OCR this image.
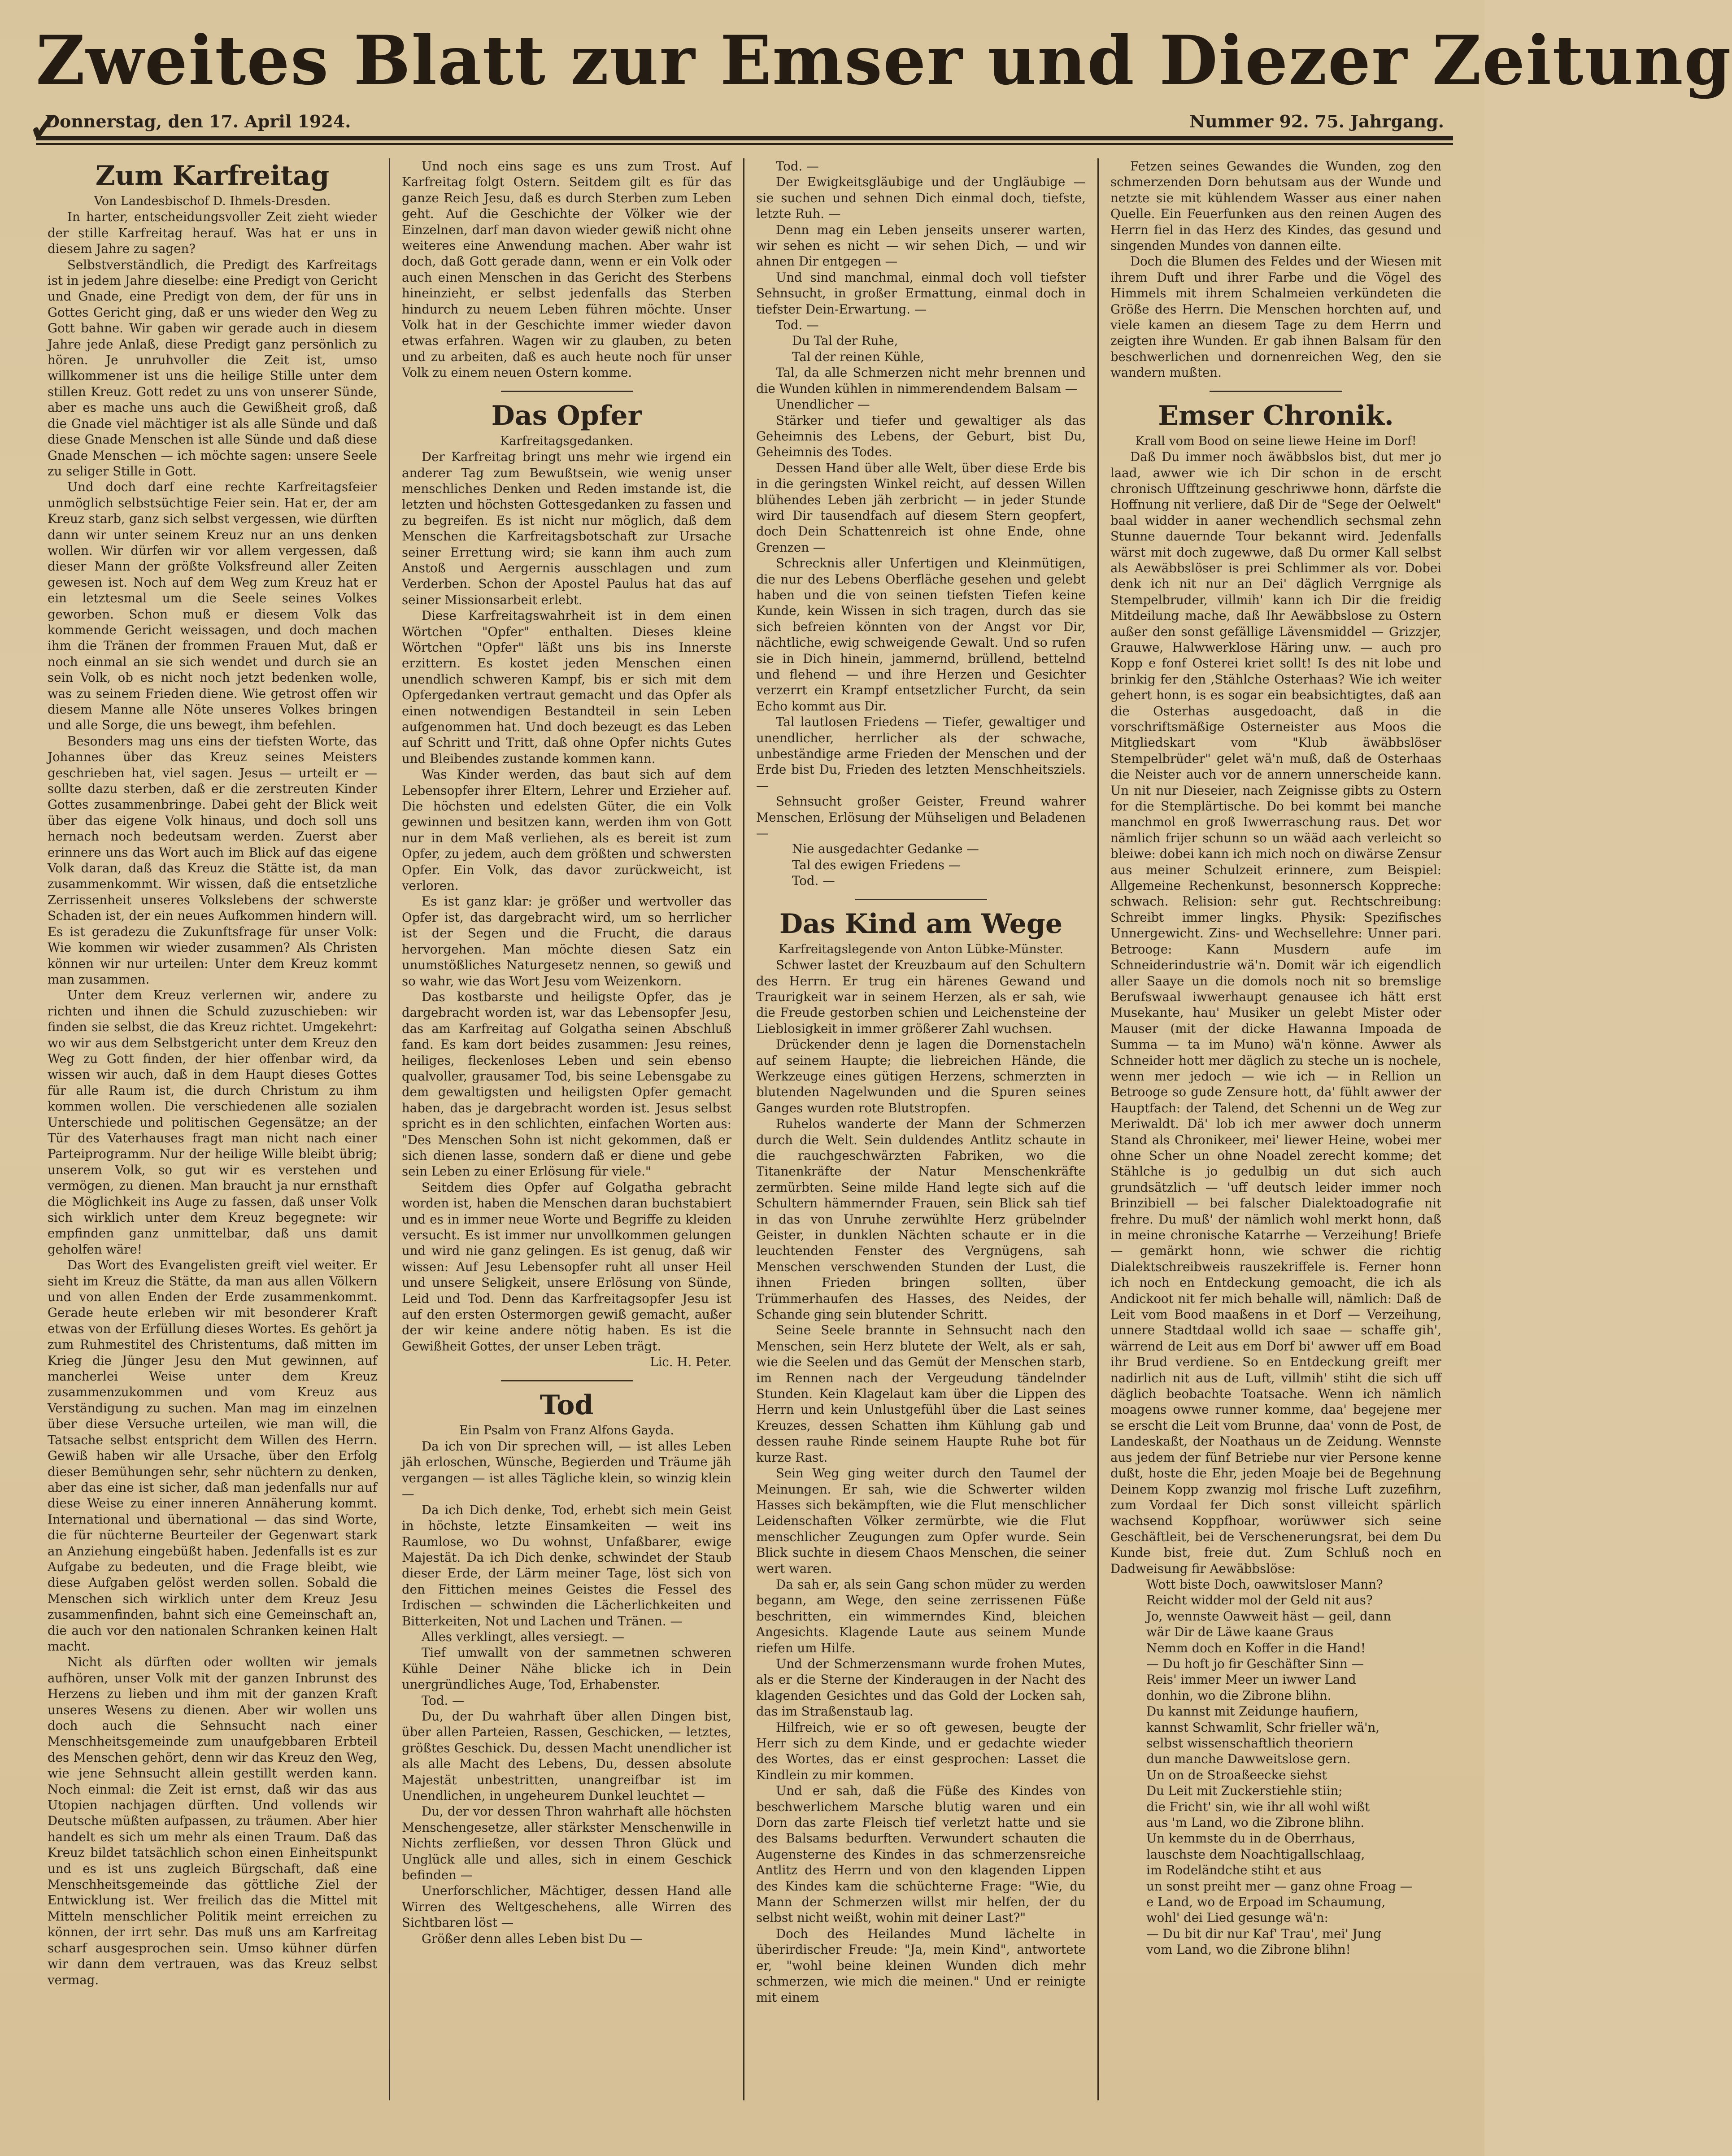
✓
Zweites Blatt zur Emser und Diezer Zeitung
Donnerstag, den 17. April 1924.	Nummer 92. 75. Jahrgang.

Zum Karfreitag

Von Landesbischof D. Ihmels-Dresden.

In harter, entscheidungsvoller Zeit zieht wieder der stille Karfreitag herauf. Was hat er uns in diesem Jahre zu sagen?

Selbstverständlich, die Predigt des Karfreitags ist in jedem Jahre dieselbe: eine Predigt von Gericht und Gnade, eine Predigt von dem, der für uns in Gottes Gericht ging, daß er uns wieder den Weg zu Gott bahne. Wir gaben wir gerade auch in diesem Jahre jede Anlaß, diese Predigt ganz persönlich zu hören. Je unruhvoller die Zeit ist, umso willkommener ist uns die heilige Stille unter dem stillen Kreuz. Gott redet zu uns von unserer Sünde, aber es mache uns auch die Gewißheit groß, daß die Gnade viel mächtiger ist als alle Sünde und daß diese Gnade Menschen ist alle Sünde und daß diese Gnade Menschen — ich möchte sagen: unsere Seele zu seliger Stille in Gott.

Und doch darf eine rechte Karfreitagsfeier unmöglich selbstsüchtige Feier sein. Hat er, der am Kreuz starb, ganz sich selbst vergessen, wie dürften dann wir unter seinem Kreuz nur an uns denken wollen. Wir dürfen wir vor allem vergessen, daß dieser Mann der größte Volksfreund aller Zeiten gewesen ist. Noch auf dem Weg zum Kreuz hat er ein letztesmal um die Seele seines Volkes geworben. Schon muß er diesem Volk das kommende Gericht weissagen, und doch machen ihm die Tränen der frommen Frauen Mut, daß er noch einmal an sie sich wendet und durch sie an sein Volk, ob es nicht noch jetzt bedenken wolle, was zu seinem Frieden diene. Wie getrost offen wir diesem Manne alle Nöte unseres Volkes bringen und alle Sorge, die uns bewegt, ihm befehlen.

Besonders mag uns eins der tiefsten Worte, das Johannes über das Kreuz seines Meisters geschrieben hat, viel sagen. Jesus — urteilt er — sollte dazu sterben, daß er die zerstreuten Kinder Gottes zusammenbringe. Dabei geht der Blick weit über das eigene Volk hinaus, und doch soll uns hernach noch bedeutsam werden. Zuerst aber erinnere uns das Wort auch im Blick auf das eigene Volk daran, daß das Kreuz die Stätte ist, da man zusammenkommt. Wir wissen, daß die entsetzliche Zerrissenheit unseres Volkslebens der schwerste Schaden ist, der ein neues Aufkommen hindern will. Es ist geradezu die Zukunftsfrage für unser Volk: Wie kommen wir wieder zusammen? Als Christen können wir nur urteilen: Unter dem Kreuz kommt man zusammen.

Unter dem Kreuz verlernen wir, andere zu richten und ihnen die Schuld zuzuschieben: wir finden sie selbst, die das Kreuz richtet. Umgekehrt: wo wir aus dem Selbstgericht unter dem Kreuz den Weg zu Gott finden, der hier offenbar wird, da wissen wir auch, daß in dem Haupt dieses Gottes für alle Raum ist, die durch Christum zu ihm kommen wollen. Die verschiedenen alle sozialen Unterschiede und politischen Gegensätze; an der Tür des Vaterhauses fragt man nicht nach einer Parteiprogramm. Nur der heilige Wille bleibt übrig; unserem Volk, so gut wir es verstehen und vermögen, zu dienen. Man braucht ja nur ernsthaft die Möglichkeit ins Auge zu fassen, daß unser Volk sich wirklich unter dem Kreuz begegnete: wir empfinden ganz unmittelbar, daß uns damit geholfen wäre!

Das Wort des Evangelisten greift viel weiter. Er sieht im Kreuz die Stätte, da man aus allen Völkern und von allen Enden der Erde zusammenkommt. Gerade heute erleben wir mit besonderer Kraft etwas von der Erfüllung dieses Wortes. Es gehört ja zum Ruhmestitel des Christentums, daß mitten im Krieg die Jünger Jesu den Mut gewinnen, auf mancherlei Weise unter dem Kreuz zusammenzukommen und vom Kreuz aus Verständigung zu suchen. Man mag im einzelnen über diese Versuche urteilen, wie man will, die Tatsache selbst entspricht dem Willen des Herrn. Gewiß haben wir alle Ursache, über den Erfolg dieser Bemühungen sehr, sehr nüchtern zu denken, aber das eine ist sicher, daß man jedenfalls nur auf diese Weise zu einer inneren Annäherung kommt. International und übernational — das sind Worte, die für nüchterne Beurteiler der Gegenwart stark an Anziehung eingebüßt haben. Jedenfalls ist es zur Aufgabe zu bedeuten, und die Frage bleibt, wie diese Aufgaben gelöst werden sollen. Sobald die Menschen sich wirklich unter dem Kreuz Jesu zusammenfinden, bahnt sich eine Gemeinschaft an, die auch vor den nationalen Schranken keinen Halt macht.

Nicht als dürften oder wollten wir jemals aufhören, unser Volk mit der ganzen Inbrunst des Herzens zu lieben und ihm mit der ganzen Kraft unseres Wesens zu dienen. Aber wir wollen uns doch auch die Sehnsucht nach einer Menschheitsgemeinde zum unaufgebbaren Erbteil des Menschen gehört, denn wir das Kreuz den Weg, wie jene Sehnsucht allein gestillt werden kann. Noch einmal: die Zeit ist ernst, daß wir das aus Utopien nachjagen dürften. Und vollends wir Deutsche müßten aufpassen, zu träumen. Aber hier handelt es sich um mehr als einen Traum. Daß das Kreuz bildet tatsächlich schon einen Einheitspunkt und es ist uns zugleich Bürgschaft, daß eine Menschheitsgemeinde das göttliche Ziel der Entwicklung ist. Wer freilich das die Mittel mit Mitteln menschlicher Politik meint erreichen zu können, der irrt sehr. Das muß uns am Karfreitag scharf ausgesprochen sein. Umso kühner dürfen wir dann dem vertrauen, was das Kreuz selbst vermag.

Und noch eins sage es uns zum Trost. Auf Karfreitag folgt Ostern. Seitdem gilt es für das ganze Reich Jesu, daß es durch Sterben zum Leben geht. Auf die Geschichte der Völker wie der Einzelnen, darf man davon wieder gewiß nicht ohne weiteres eine Anwendung machen. Aber wahr ist doch, daß Gott gerade dann, wenn er ein Volk oder auch einen Menschen in das Gericht des Sterbens hineinzieht, er selbst jedenfalls das Sterben hindurch zu neuem Leben führen möchte. Unser Volk hat in der Geschichte immer wieder davon etwas erfahren. Wagen wir zu glauben, zu beten und zu arbeiten, daß es auch heute noch für unser Volk zu einem neuen Ostern komme.

Das Opfer

Karfreitagsgedanken.

Der Karfreitag bringt uns mehr wie irgend ein anderer Tag zum Bewußtsein, wie wenig unser menschliches Denken und Reden imstande ist, die letzten und höchsten Gottesgedanken zu fassen und zu begreifen. Es ist nicht nur möglich, daß dem Menschen die Karfreitagsbotschaft zur Ursache seiner Errettung wird; sie kann ihm auch zum Anstoß und Aergernis ausschlagen und zum Verderben. Schon der Apostel Paulus hat das auf seiner Missionsarbeit erlebt.

Diese Karfreitagswahrheit ist in dem einen Wörtchen "Opfer" enthalten. Dieses kleine Wörtchen "Opfer" läßt uns bis ins Innerste erzittern. Es kostet jeden Menschen einen unendlich schweren Kampf, bis er sich mit dem Opfergedanken vertraut gemacht und das Opfer als einen notwendigen Bestandteil in sein Leben aufgenommen hat. Und doch bezeugt es das Leben auf Schritt und Tritt, daß ohne Opfer nichts Gutes und Bleibendes zustande kommen kann.

Was Kinder werden, das baut sich auf dem Lebensopfer ihrer Eltern, Lehrer und Erzieher auf. Die höchsten und edelsten Güter, die ein Volk gewinnen und besitzen kann, werden ihm von Gott nur in dem Maß verliehen, als es bereit ist zum Opfer, zu jedem, auch dem größten und schwersten Opfer. Ein Volk, das davor zurückweicht, ist verloren.

Es ist ganz klar: je größer und wertvoller das Opfer ist, das dargebracht wird, um so herrlicher ist der Segen und die Frucht, die daraus hervorgehen. Man möchte diesen Satz ein unumstößliches Naturgesetz nennen, so gewiß und so wahr, wie das Wort Jesu vom Weizenkorn.

Das kostbarste und heiligste Opfer, das je dargebracht worden ist, war das Lebensopfer Jesu, das am Karfreitag auf Golgatha seinen Abschluß fand. Es kam dort beides zusammen: Jesu reines, heiliges, fleckenloses Leben und sein ebenso qualvoller, grausamer Tod, bis seine Lebensgabe zu dem gewaltigsten und heiligsten Opfer gemacht haben, das je dargebracht worden ist. Jesus selbst spricht es in den schlichten, einfachen Worten aus: "Des Menschen Sohn ist nicht gekommen, daß er sich dienen lasse, sondern daß er diene und gebe sein Leben zu einer Erlösung für viele."

Seitdem dies Opfer auf Golgatha gebracht worden ist, haben die Menschen daran buchstabiert und es in immer neue Worte und Begriffe zu kleiden versucht. Es ist immer nur unvollkommen gelungen und wird nie ganz gelingen. Es ist genug, daß wir wissen: Auf Jesu Lebensopfer ruht all unser Heil und unsere Seligkeit, unsere Erlösung von Sünde, Leid und Tod. Denn das Karfreitagsopfer Jesu ist auf den ersten Ostermorgen gewiß gemacht, außer der wir keine andere nötig haben. Es ist die Gewißheit Gottes, der unser Leben trägt.

Lic. H. Peter.

Tod

Ein Psalm von Franz Alfons Gayda.

Da ich von Dir sprechen will, — ist alles Leben jäh erloschen, Wünsche, Begierden und Träume jäh vergangen — ist alles Tägliche klein, so winzig klein —

Da ich Dich denke, Tod, erhebt sich mein Geist in höchste, letzte Einsamkeiten — weit ins Raumlose, wo Du wohnst, Unfaßbarer, ewige Majestät. Da ich Dich denke, schwindet der Staub dieser Erde, der Lärm meiner Tage, löst sich von den Fittichen meines Geistes die Fessel des Irdischen — schwinden die Lächerlichkeiten und Bitterkeiten, Not und Lachen und Tränen. —

Alles verklingt, alles versiegt. —

Tief umwallt von der sammetnen schweren Kühle Deiner Nähe blicke ich in Dein unergründliches Auge, Tod, Erhabenster.

Tod. —

Du, der Du wahrhaft über allen Dingen bist, über allen Parteien, Rassen, Geschicken, — letztes, größtes Geschick. Du, dessen Macht unendlicher ist als alle Macht des Lebens, Du, dessen absolute Majestät unbestritten, unangreifbar ist im Unendlichen, in ungeheurem Dunkel leuchtet —

Du, der vor dessen Thron wahrhaft alle höchsten Menschengesetze, aller stärkster Menschenwille in Nichts zerfließen, vor dessen Thron Glück und Unglück alle und alles, sich in einem Geschick befinden —

Unerforschlicher, Mächtiger, dessen Hand alle Wirren des Weltgeschehens, alle Wirren des Sichtbaren löst —

Größer denn alles Leben bist Du —

Tod. —

Der Ewigkeitsgläubige und der Ungläubige — sie suchen und sehnen Dich einmal doch, tiefste, letzte Ruh. —

Denn mag ein Leben jenseits unserer warten, wir sehen es nicht — wir sehen Dich, — und wir ahnen Dir entgegen —

Und sind manchmal, einmal doch voll tiefster Sehnsucht, in großer Ermattung, einmal doch in tiefster Dein-Erwartung. —

Tod. —

Du Tal der Ruhe,

Tal der reinen Kühle,

Tal, da alle Schmerzen nicht mehr brennen und die Wunden kühlen in nimmerendendem Balsam —

Unendlicher —

Stärker und tiefer und gewaltiger als das Geheimnis des Lebens, der Geburt, bist Du, Geheimnis des Todes.

Dessen Hand über alle Welt, über diese Erde bis in die geringsten Winkel reicht, auf dessen Willen blühendes Leben jäh zerbricht — in jeder Stunde wird Dir tausendfach auf diesem Stern geopfert, doch Dein Schattenreich ist ohne Ende, ohne Grenzen —

Schrecknis aller Unfertigen und Kleinmütigen, die nur des Lebens Oberfläche gesehen und gelebt haben und die von seinen tiefsten Tiefen keine Kunde, kein Wissen in sich tragen, durch das sie sich befreien könnten von der Angst vor Dir, nächtliche, ewig schweigende Gewalt. Und so rufen sie in Dich hinein, jammernd, brüllend, bettelnd und flehend — und ihre Herzen und Gesichter verzerrt ein Krampf entsetzlicher Furcht, da sein Echo kommt aus Dir.

Tal lautlosen Friedens — Tiefer, gewaltiger und unendlicher, herrlicher als der schwache, unbeständige arme Frieden der Menschen und der Erde bist Du, Frieden des letzten Menschheitsziels. —

Sehnsucht großer Geister, Freund wahrer Menschen, Erlösung der Mühseligen und Beladenen —

Nie ausgedachter Gedanke —

Tal des ewigen Friedens —

Tod. —

Das Kind am Wege

Karfreitagslegende von Anton Lübke-Münster.

Schwer lastet der Kreuzbaum auf den Schultern des Herrn. Er trug ein härenes Gewand und Traurigkeit war in seinem Herzen, als er sah, wie die Freude gestorben schien und Leichensteine der Lieblosigkeit in immer größerer Zahl wuchsen.

Drückender denn je lagen die Dornenstacheln auf seinem Haupte; die liebreichen Hände, die Werkzeuge eines gütigen Herzens, schmerzten in blutenden Nagelwunden und die Spuren seines Ganges wurden rote Blutstropfen.

Ruhelos wanderte der Mann der Schmerzen durch die Welt. Sein duldendes Antlitz schaute in die rauchgeschwärzten Fabriken, wo die Titanenkräfte der Natur Menschenkräfte zermürbten. Seine milde Hand legte sich auf die Schultern hämmernder Frauen, sein Blick sah tief in das von Unruhe zerwühlte Herz grübelnder Geister, in dunklen Nächten schaute er in die leuchtenden Fenster des Vergnügens, sah Menschen verschwenden Stunden der Lust, die ihnen Frieden bringen sollten, über Trümmerhaufen des Hasses, des Neides, der Schande ging sein blutender Schritt.

Seine Seele brannte in Sehnsucht nach den Menschen, sein Herz blutete der Welt, als er sah, wie die Seelen und das Gemüt der Menschen starb, im Rennen nach der Vergeudung tändelnder Stunden. Kein Klagelaut kam über die Lippen des Herrn und kein Unlustgefühl über die Last seines Kreuzes, dessen Schatten ihm Kühlung gab und dessen rauhe Rinde seinem Haupte Ruhe bot für kurze Rast.

Sein Weg ging weiter durch den Taumel der Meinungen. Er sah, wie die Schwerter wilden Hasses sich bekämpften, wie die Flut menschlicher Leidenschaften Völker zermürbte, wie die Flut menschlicher Zeugungen zum Opfer wurde. Sein Blick suchte in diesem Chaos Menschen, die seiner wert waren.

Da sah er, als sein Gang schon müder zu werden begann, am Wege, den seine zerrissenen Füße beschritten, ein wimmerndes Kind, bleichen Angesichts. Klagende Laute aus seinem Munde riefen um Hilfe.

Und der Schmerzensmann wurde frohen Mutes, als er die Sterne der Kinderaugen in der Nacht des klagenden Gesichtes und das Gold der Locken sah, das im Straßenstaub lag.

Hilfreich, wie er so oft gewesen, beugte der Herr sich zu dem Kinde, und er gedachte wieder des Wortes, das er einst gesprochen: Lasset die Kindlein zu mir kommen.

Und er sah, daß die Füße des Kindes von beschwerlichem Marsche blutig waren und ein Dorn das zarte Fleisch tief verletzt hatte und sie des Balsams bedurften. Verwundert schauten die Augensterne des Kindes in das schmerzensreiche Antlitz des Herrn und von den klagenden Lippen des Kindes kam die schüchterne Frage: "Wie, du Mann der Schmerzen willst mir helfen, der du selbst nicht weißt, wohin mit deiner Last?"

Doch des Heilandes Mund lächelte in überirdischer Freude: "Ja, mein Kind", antwortete er, "wohl beine kleinen Wunden dich mehr schmerzen, wie mich die meinen." Und er reinigte mit einem

Fetzen seines Gewandes die Wunden, zog den schmerzenden Dorn behutsam aus der Wunde und netzte sie mit kühlendem Wasser aus einer nahen Quelle. Ein Feuerfunken aus den reinen Augen des Herrn fiel in das Herz des Kindes, das gesund und singenden Mundes von dannen eilte.

Doch die Blumen des Feldes und der Wiesen mit ihrem Duft und ihrer Farbe und die Vögel des Himmels mit ihrem Schalmeien verkündeten die Größe des Herrn. Die Menschen horchten auf, und viele kamen an diesem Tage zu dem Herrn und zeigten ihre Wunden. Er gab ihnen Balsam für den beschwerlichen und dornenreichen Weg, den sie wandern mußten.

Emser Chronik.

Krall vom Bood on seine liewe Heine im Dorf!

Daß Du immer noch äwäbbslos bist, dut mer jo laad, awwer wie ich Dir schon in de erscht chronisch Ufftzeinung geschriwwe honn, därfste die Hoffnung nit verliere, daß Dir de "Sege der Oelwelt" baal widder in aaner wechendlich sechsmal zehn Stunne dauernde Tour bekannt wird. Jedenfalls wärst mit doch zugewwe, daß Du ormer Kall selbst als Aewäbbslöser is prei Schlimmer als vor. Dobei denk ich nit nur an Dei' däglich Verrgnige als Stempelbruder, villmih' kann ich Dir die freidig Mitdeilung mache, daß Ihr Aewäbbslose zu Ostern außer den sonst gefällige Lävensmiddel — Grizzjer, Grauwe, Halwwerklose Häring unw. — auch pro Kopp e fonf Osterei kriet sollt! Is des nit lobe und brinkig fer den ,Stählche Osterhaas? Wie ich weiter gehert honn, is es sogar ein beabsichtigtes, daß aan die Osterhas ausgedoacht, daß in die vorschriftsmäßige Osterneister aus Moos die Mitgliedskart vom "Klub äwäbbslöser Stempelbrüder" gelet wä'n muß, daß de Osterhaas die Neister auch vor de annern unnerscheide kann. Un nit nur Dieseier, nach Zeignisse gibts zu Ostern for die Stemplärtische. Do bei kommt bei manche manchmol en groß Iwwerraschung raus. Det wor nämlich frijer schunn so un wääd aach verleicht so bleiwe: dobei kann ich mich noch on diwärse Zensur aus meiner Schulzeit erinnere, zum Beispiel: Allgemeine Rechenkunst, besonnersch Koppreche: schwach. Relision: sehr gut. Rechtschreibung: Schreibt immer lingks. Physik: Spezifisches Unnergewicht. Zins- und Wechsellehre: Unner pari. Betrooge: Kann Musdern aufe im Schneiderindustrie wä'n. Domit wär ich eigendlich aller Saaye un die domols noch nit so bremslige Berufswaal iwwerhaupt genausee ich hätt erst Musekante, hau' Musiker un gelebt Mister oder Mauser (mit der dicke Hawanna Impoada de Summa — ta im Muno) wä'n könne. Awwer als Schneider hott mer däglich zu steche un is nochele, wenn mer jedoch — wie ich — in Rellion un Betrooge so gude Zensure hott, da' fühlt awwer der Hauptfach: der Talend, det Schenni un de Weg zur Meriwaldt. Dä' lob ich mer awwer doch unnerm Stand als Chronikeer, mei' liewer Heine, wobei mer ohne Scher un ohne Noadel zerecht komme; det Stählche is jo gedulbig un dut sich auch grundsätzlich — 'uff deutsch leider immer noch Brinzibiell — bei falscher Dialektoadografie nit frehre. Du muß' der nämlich wohl merkt honn, daß in meine chronische Katarrhe — Verzeihung! Briefe — gemärkt honn, wie schwer die richtig Dialektschreibweis rauszekriffele is. Ferner honn ich noch en Entdeckung gemoacht, die ich als Andickoot nit fer mich behalle will, nämlich: Daß de Leit vom Bood maaßens in et Dorf — Verzeihung, unnere Stadtdaal wolld ich saae — schaffe gih', wärrend de Leit aus em Dorf bi' awwer uff em Boad ihr Brud verdiene. So en Entdeckung greift mer nadirlich nit aus de Luft, villmih' stiht die sich uff däglich beobachte Toatsache. Wenn ich nämlich moagens owwe runner komme, daa' begejene mer se erscht die Leit vom Brunne, daa' vonn de Post, de Landeskaßt, der Noathaus un de Zeidung. Wennste aus jedem der fünf Betriebe nur vier Persone kenne dußt, hoste die Ehr, jeden Moaje bei de Begehnung Deinem Kopp zwanzig mol frische Luft zuzefihrn, zum Vordaal fer Dich sonst villeicht spärlich wachsend Koppfhoar, worüwwer sich seine Geschäftleit, bei de Verschenerungsrat, bei dem Du Kunde bist, freie dut. Zum Schluß noch en Dadweisung fir Aewäbbslöse:

Wott biste Doch, oawwitsloser Mann?

Reicht widder mol der Geld nit aus?

Jo, wennste Oawweit häst — geil, dann

wär Dir de Läwe kaane Graus

Nemm doch en Koffer in die Hand!

— Du hoft jo fir Geschäfter Sinn —

Reis' immer Meer un iwwer Land

donhin, wo die Zibrone blihn.

Du kannst mit Zeidunge haufiern,

kannst Schwamlit, Schr frieller wä'n,

selbst wissenschaftlich theoriern

dun manche Dawweitslose gern.

Un on de Stroaßeecke siehst

Du Leit mit Zuckerstiehle stiin;

die Fricht' sin, wie ihr all wohl wißt

aus 'm Land, wo die Zibrone blihn.

Un kemmste du in de Oberrhaus,

lauschste dem Noachtigallschlaag,

im Rodeländche stiht et aus

un sonst preiht mer — ganz ohne Froag —

e Land, wo de Erpoad im Schaumung,

wohl' dei Lied gesunge wä'n:

— Du bit dir nur Kaf' Trau', mei' Jung

vom Land, wo die Zibrone blihn!
